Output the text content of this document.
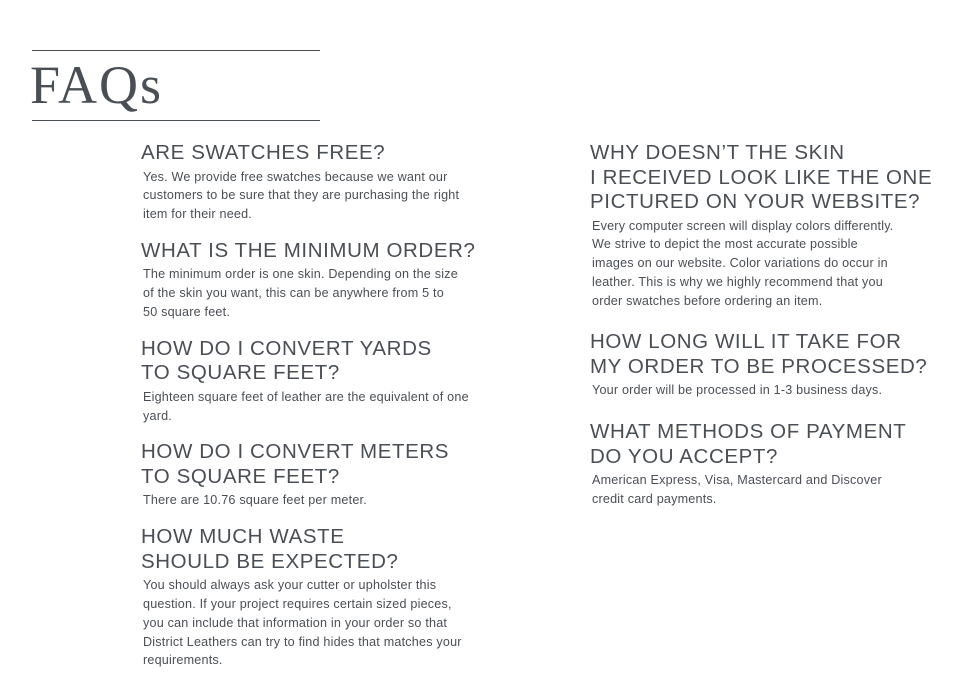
FAQs
ARE SWATCHES FREE?

Yes. We provide free swatches because we want our
customers to be sure that they are purchasing the right
item for their need.

WHAT IS THE MINIMUM ORDER?

The minimum order is one skin. Depending on the size
of the skin you want, this can be anywhere from 5 to
50 square feet.

HOW DO I CONVERT YARDS
TO SQUARE FEET?

Eighteen square feet of leather are the equivalent of one
yard.

HOW DO I CONVERT METERS
TO SQUARE FEET?

There are 10.76 square feet per meter.

HOW MUCH WASTE
SHOULD BE EXPECTED?

You should always ask your cutter or upholster this
question. If your project requires certain sized pieces,
you can include that information in your order so that
District Leathers can try to find hides that matches your
requirements.

WHY DOESN’T THE SKIN
I RECEIVED LOOK LIKE THE ONE
PICTURED ON YOUR WEBSITE?

Every computer screen will display colors differently.
We strive to depict the most accurate possible
images on our website. Color variations do occur in
leather. This is why we highly recommend that you
order swatches before ordering an item.

HOW LONG WILL IT TAKE FOR
MY ORDER TO BE PROCESSED?

Your order will be processed in 1-3 business days.

WHAT METHODS OF PAYMENT
DO YOU ACCEPT?

American Express, Visa, Mastercard and Discover
credit card payments.
